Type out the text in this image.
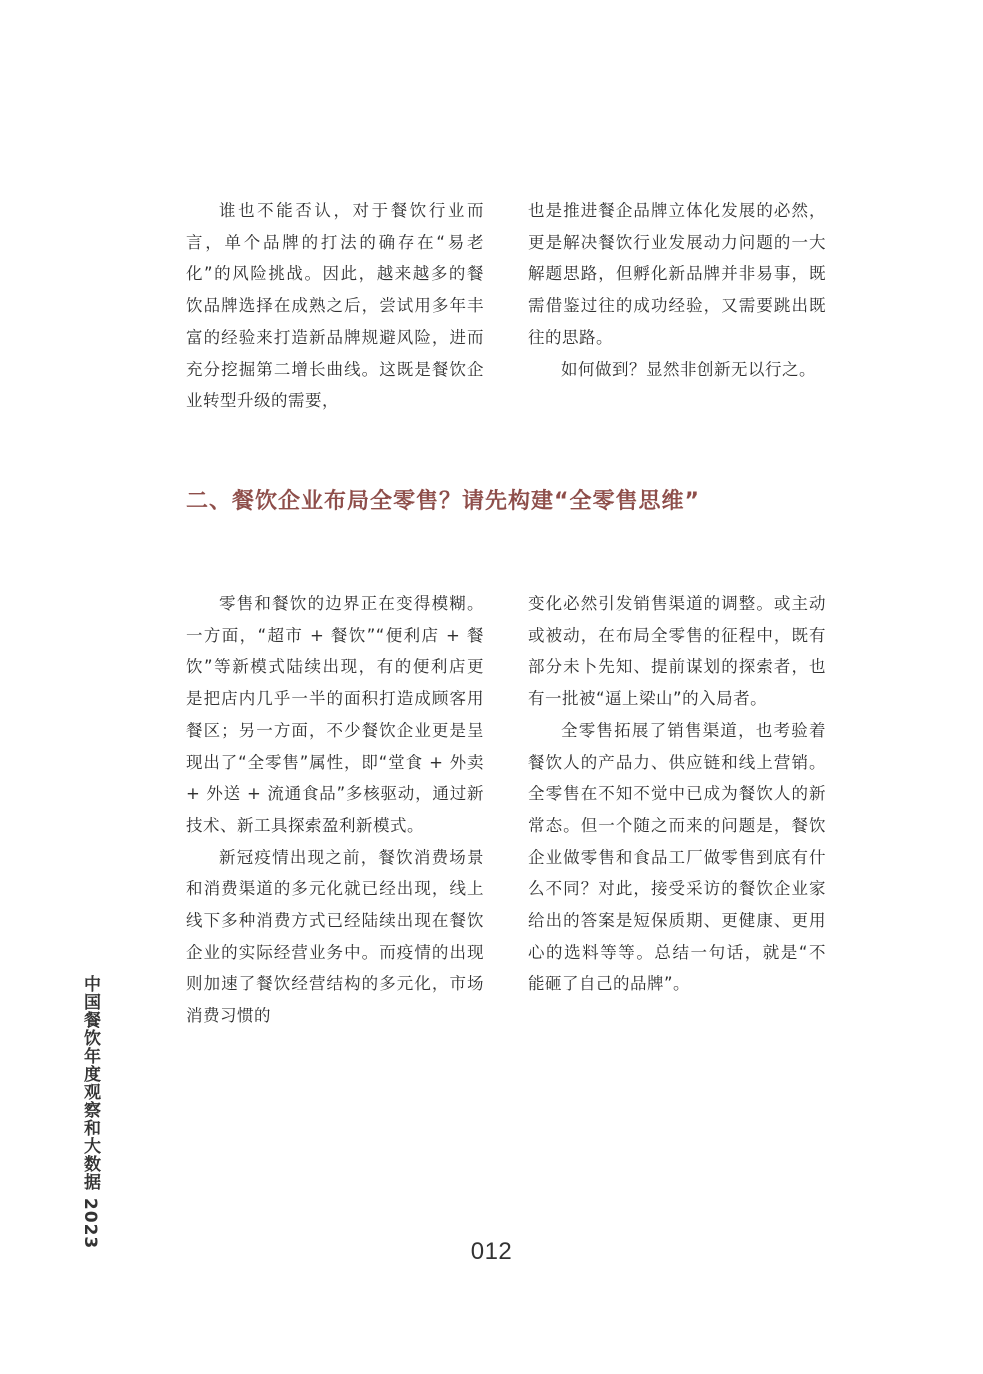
谁也不能否认，对于餐饮行业而言，单个品牌的打法的确存在“易老化”的风险挑战。因此，越来越多的餐饮品牌选择在成熟之后，尝试用多年丰富的经验来打造新品牌规避风险，进而充分挖掘第二增长曲线。这既是餐饮企业转型升级的需要，

也是推进餐企品牌立体化发展的必然，更是解决餐饮行业发展动力问题的一大解题思路，但孵化新品牌并非易事，既需借鉴过往的成功经验，又需要跳出既往的思路。

如何做到？显然非创新无以行之。

二、餐饮企业布局全零售？请先构建“全零售思维”

零售和餐饮的边界正在变得模糊。一方面，“超市 + 餐饮”“便利店 + 餐饮”等新模式陆续出现，有的便利店更是把店内几乎一半的面积打造成顾客用餐区；另一方面，不少餐饮企业更是呈现出了“全零售”属性，即“堂食 + 外卖 + 外送 + 流通食品”多核驱动，通过新技术、新工具探索盈利新模式。

新冠疫情出现之前，餐饮消费场景和消费渠道的多元化就已经出现，线上线下多种消费方式已经陆续出现在餐饮企业的实际经营业务中。而疫情的出现则加速了餐饮经营结构的多元化，市场消费习惯的

变化必然引发销售渠道的调整。或主动或被动，在布局全零售的征程中，既有部分未卜先知、提前谋划的探索者，也有一批被“逼上梁山”的入局者。

全零售拓展了销售渠道，也考验着餐饮人的产品力、供应链和线上营销。全零售在不知不觉中已成为餐饮人的新常态。但一个随之而来的问题是，餐饮企业做零售和食品工厂做零售到底有什么不同？对此，接受采访的餐饮企业家给出的答案是短保质期、更健康、更用心的选料等等。总结一句话，就是“不能砸了自己的品牌”。

中国餐饮年度观察和大数据 2023
012
